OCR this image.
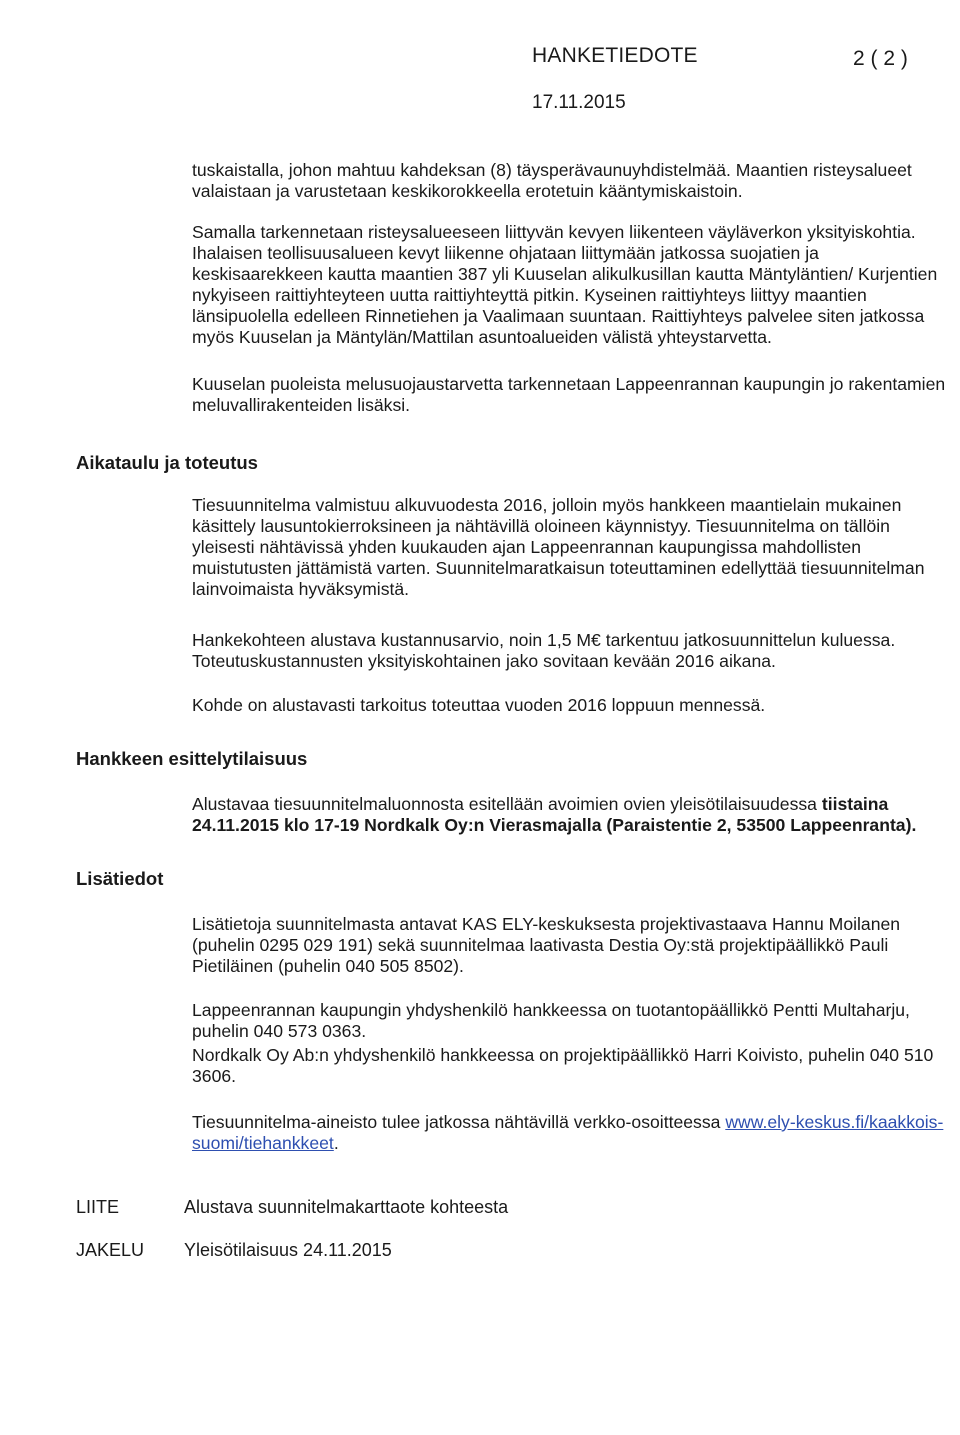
HANKETIEDOTE	2 ( 2 )
17.11.2015

tuskaistalla, johon mahtuu kahdeksan (8) täysperävaunuyhdistelmää. Maantien risteysalueet valaistaan ja varustetaan keskikorokkeella erotetuin kääntymiskaistoin.

Samalla tarkennetaan risteysalueeseen liittyvän kevyen liikenteen väyläverkon yksityiskohtia. Ihalaisen teollisuusalueen kevyt liikenne ohjataan liittymään jatkossa suojatien ja keskisaarekkeen kautta maantien 387 yli Kuuselan alikulkusillan kautta Mäntyläntien/ Kurjentien nykyiseen raittiyhteyteen uutta raittiyhteyttä pitkin. Kyseinen raittiyhteys liittyy maantien länsipuolella edelleen Rinnetiehen ja Vaalimaan suuntaan. Raittiyhteys palvelee siten jatkossa myös Kuuselan ja Mäntylän/Mattilan asuntoalueiden välistä yhteystarvetta.

Kuuselan puoleista melusuojaustarvetta tarkennetaan Lappeenrannan kaupungin jo rakentamien meluvallirakenteiden lisäksi.

Aikataulu ja toteutus

Tiesuunnitelma valmistuu alkuvuodesta 2016, jolloin myös hankkeen maantielain mukainen käsittely lausuntokierroksineen ja nähtävillä oloineen käynnistyy. Tiesuunnitelma on tällöin yleisesti nähtävissä yhden kuukauden ajan Lappeenrannan kaupungissa mahdollisten muistutusten jättämistä varten. Suunnitelmaratkaisun toteuttaminen edellyttää tiesuunnitelman lainvoimaista hyväksymistä.

Hankekohteen alustava kustannusarvio, noin 1,5 M€ tarkentuu jatkosuunnittelun kuluessa. Toteutuskustannusten yksityiskohtainen jako sovitaan kevään 2016 aikana.

Kohde on alustavasti tarkoitus toteuttaa vuoden 2016 loppuun mennessä.

Hankkeen esittelytilaisuus

Alustavaa tiesuunnitelmaluonnosta esitellään avoimien ovien yleisötilaisuudessa tiistaina 24.11.2015 klo 17-19 Nordkalk Oy:n Vierasmajalla (Paraistentie 2, 53500 Lappeenranta).

Lisätiedot

Lisätietoja suunnitelmasta antavat KAS ELY-keskuksesta projektivastaava Hannu Moilanen (puhelin 0295 029 191) sekä suunnitelmaa laativasta Destia Oy:stä projektipäällikkö Pauli Pietiläinen (puhelin 040 505 8502).

Lappeenrannan kaupungin yhdyshenkilö hankkeessa on tuotantopäällikkö Pentti Multaharju, puhelin 040 573 0363.

Nordkalk Oy Ab:n yhdyshenkilö hankkeessa on projektipäällikkö Harri Koivisto, puhelin 040 510 3606.

Tiesuunnitelma-aineisto tulee jatkossa nähtävillä verkko-osoitteessa www.ely-keskus.fi/kaakkois-suomi/tiehankkeet.

LIITE	Alustava suunnitelmakarttaote kohteesta
JAKELU Yleisötilaisuus 24.11.2015
